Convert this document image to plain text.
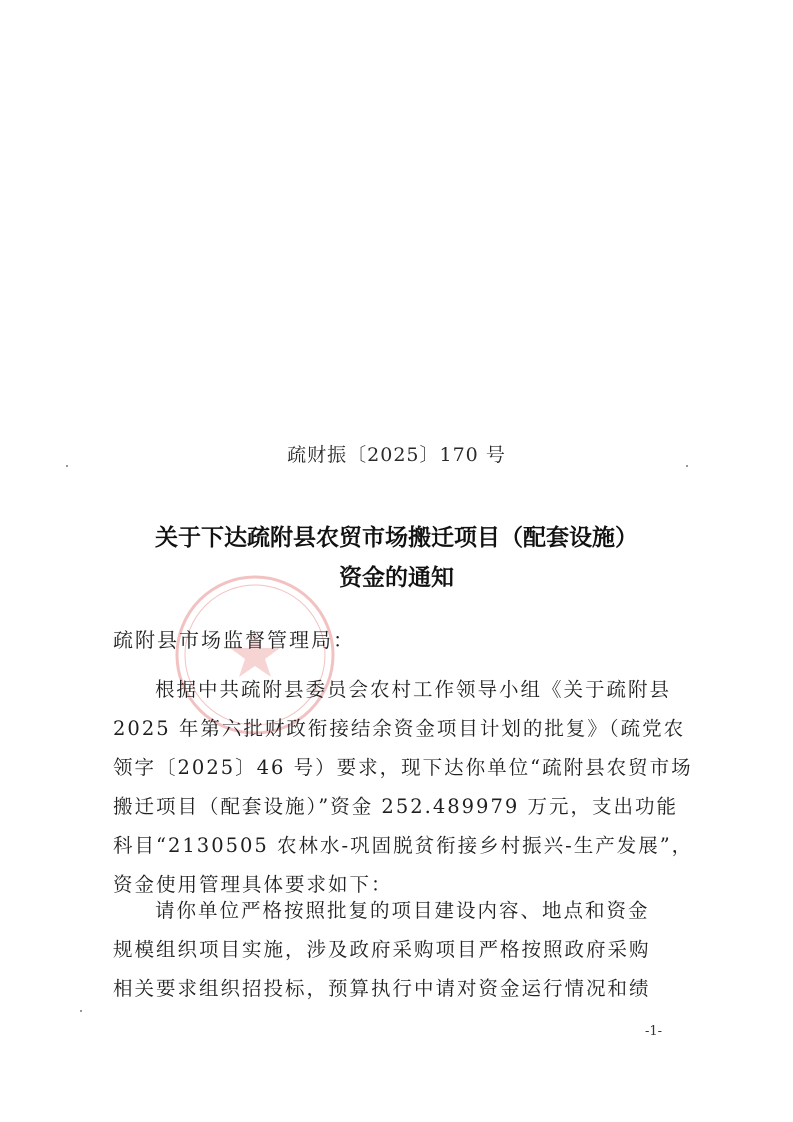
疏财振〔2025〕170 号
关于下达疏附县农贸市场搬迁项目（配套设施）
资金的通知
疏附县市场监督管理局：
根据中共疏附县委员会农村工作领导小组《关于疏附县
2025 年第六批财政衔接结余资金项目计划的批复》（疏党农
领字〔2025〕46 号）要求，现下达你单位“疏附县农贸市场
搬迁项目（配套设施）”资金 252.489979 万元，支出功能
科目“2130505 农林水-巩固脱贫衔接乡村振兴-生产发展”，
资金使用管理具体要求如下：
请你单位严格按照批复的项目建设内容、地点和资金
规模组织项目实施，涉及政府采购项目严格按照政府采购
相关要求组织招投标，预算执行中请对资金运行情况和绩
-1-
